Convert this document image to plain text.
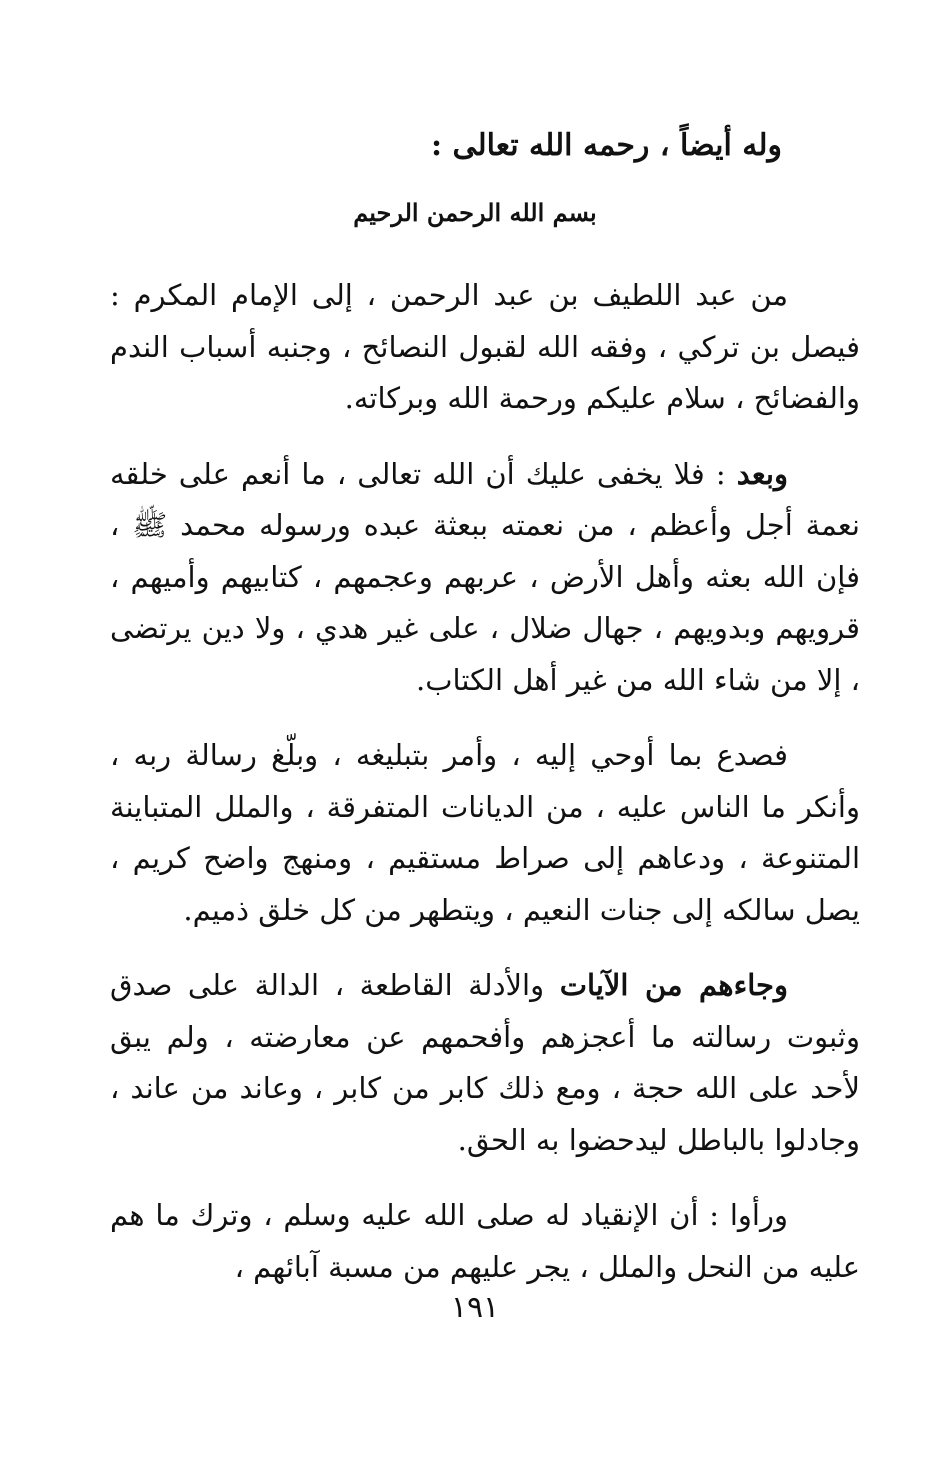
وله أيضاً ، رحمه الله تعالى :
بسم الله الرحمن الرحيم

من عبد اللطيف بن عبد الرحمن ، إلى الإمام المكرم : فيصل بن تركي ، وفقه الله لقبول النصائح ، وجنبه أسباب الندم والفضائح ، سلام عليكم ورحمة الله وبركاته.

وبعد : فلا يخفى عليك أن الله تعالى ، ما أنعم على خلقه نعمة أجل وأعظم ، من نعمته ببعثة عبده ورسوله محمد ﷺ ، فإن الله بعثه وأهل الأرض ، عربهم وعجمهم ، كتابيهم وأميهم ، قرويهم وبدويهم ، جهال ضلال ، على غير هدي ، ولا دين يرتضى ، إلا من شاء الله من غير أهل الكتاب.

فصدع بما أوحي إليه ، وأمر بتبليغه ، وبلّغ رسالة ربه ، وأنكر ما الناس عليه ، من الديانات المتفرقة ، والملل المتباينة المتنوعة ، ودعاهم إلى صراط مستقيم ، ومنهج واضح كريم ، يصل سالكه إلى جنات النعيم ، ويتطهر من كل خلق ذميم.

وجاءهم من الآيات والأدلة القاطعة ، الدالة على صدق وثبوت رسالته ما أعجزهم وأفحمهم عن معارضته ، ولم يبق لأحد على الله حجة ، ومع ذلك كابر من كابر ، وعاند من عاند ، وجادلوا بالباطل ليدحضوا به الحق.

ورأوا : أن الإنقياد له صلى الله عليه وسلم ، وترك ما هم عليه من النحل والملل ، يجر عليهم من مسبة آبائهم ،

١٩١
